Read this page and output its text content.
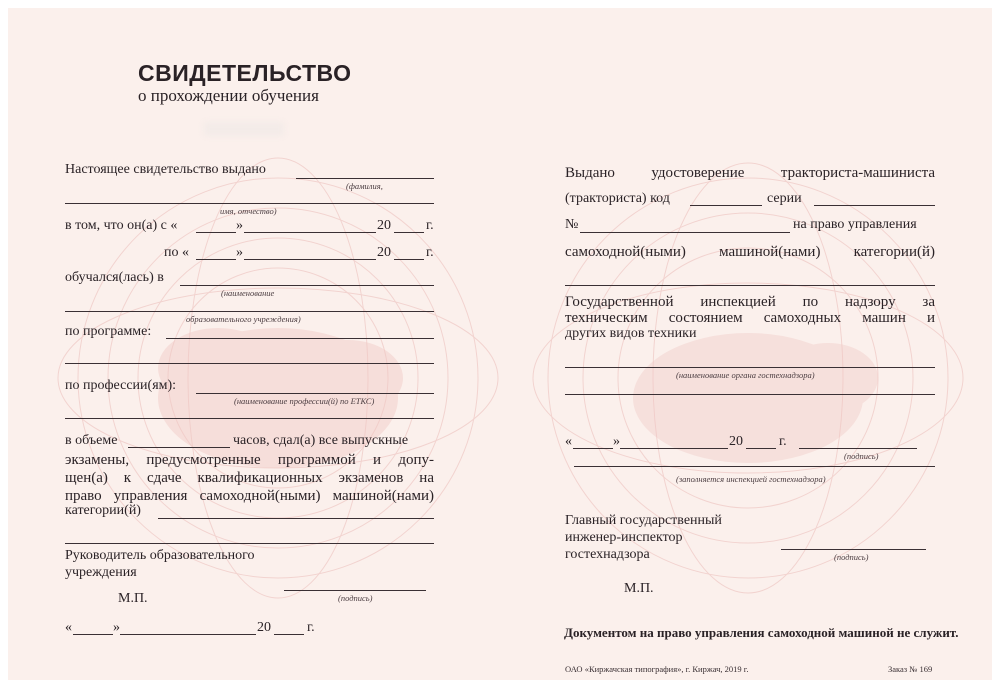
СВИДЕТЕЛЬСТВО
о прохождении обучения
Настоящее свидетельство выдано
(фамилия,
имя, отчество)
в том, что он(а) с «	»	20	г.
по «	»	20	г.
обучался(лась) в
(наименование
образовательного учреждения)
по программе:
по профессии(ям):
(наименование профессии(й) по ЕТКС)
в объеме	часов, сдал(а) все выпускные
экзамены, предусмотренные программой и допу-
щен(а) к сдаче квалификационных экзаменов на
право управления самоходной(ными) машиной(нами)
категории(й)
Руководитель образовательного
учреждения
М.П.	(подпись)
«	»	20	г.
Выдано удостоверение тракториста-машиниста
(тракториста) код	серии
№	на право управления
самоходной(ными) машиной(нами) категории(й)
Государственной инспекцией по надзору за
техническим состоянием самоходных машин и
других видов техники
(наименование органа гостехнадзора)
«	»	20	г.
(подпись)
(заполняется инспекцией гостехнадзора)
Главный государственный
инженер-инспектор
гостехнадзора	(подпись)
М.П.
Документом на право управления самоходной машиной не служит.
ОАО «Киржачская типография», г. Киржач, 2019 г.	Заказ № 169
